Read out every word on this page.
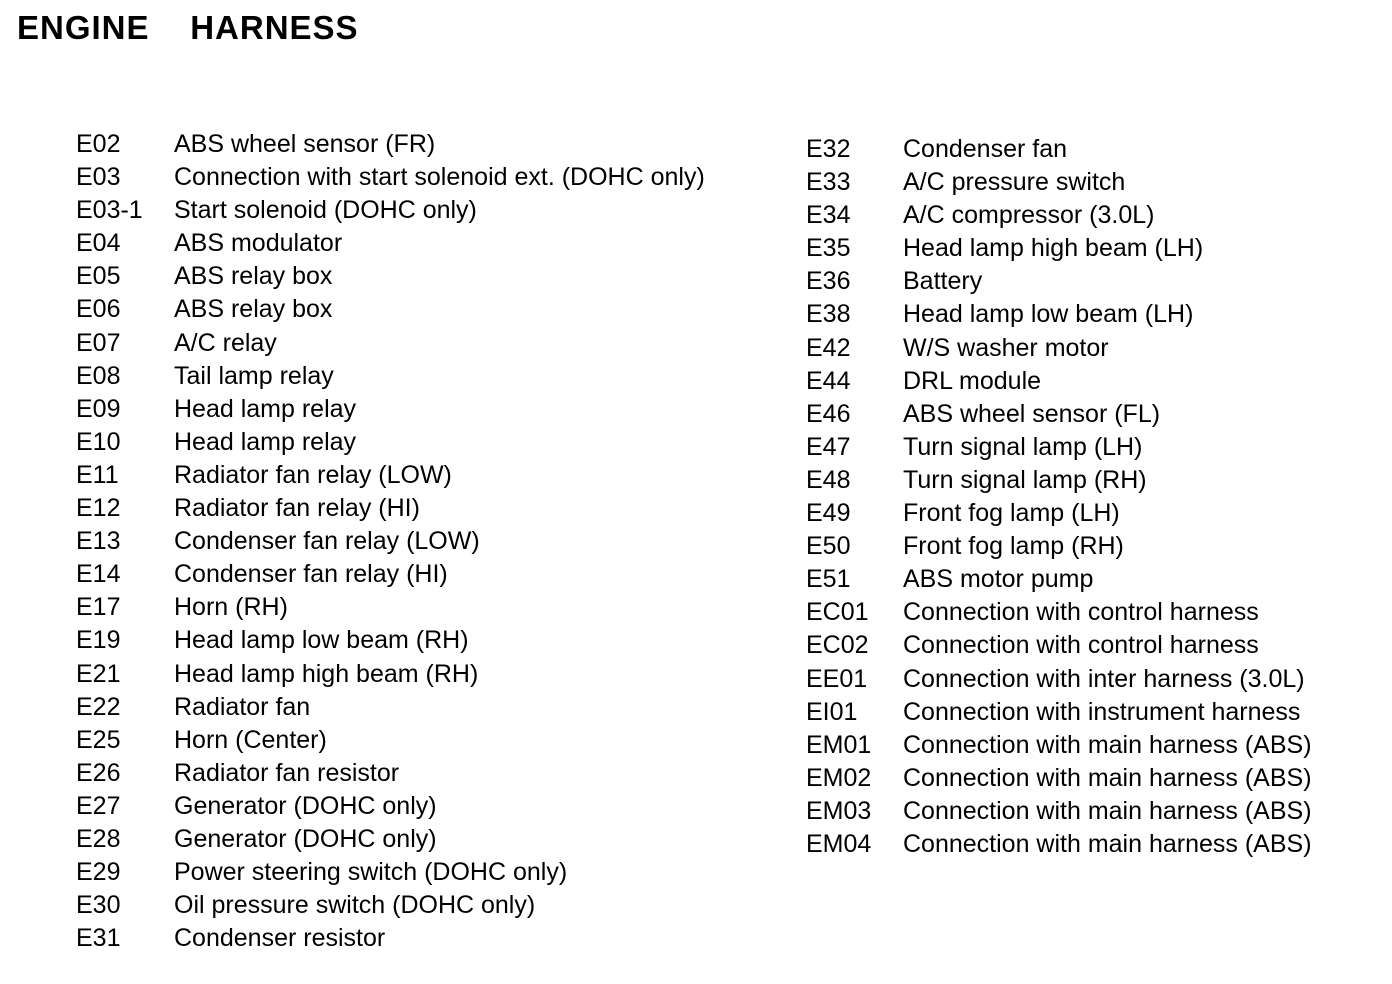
ENGINE    HARNESS
E02 ABS wheel sensor (FR)
E03 Connection with start solenoid ext. (DOHC only)
E03-1 Start solenoid (DOHC only)
E04 ABS modulator
E05 ABS relay box
E06 ABS relay box
E07 A/C relay
E08 Tail lamp relay
E09 Head lamp relay
E10 Head lamp relay
E11 Radiator fan relay (LOW)
E12 Radiator fan relay (HI)
E13 Condenser fan relay (LOW)
E14 Condenser fan relay (HI)
E17 Horn (RH)
E19 Head lamp low beam (RH)
E21 Head lamp high beam (RH)
E22 Radiator fan
E25 Horn (Center)
E26 Radiator fan resistor
E27 Generator (DOHC only)
E28 Generator (DOHC only)
E29 Power steering switch (DOHC only)
E30 Oil pressure switch (DOHC only)
E31 Condenser resistor
E32 Condenser fan
E33 A/C pressure switch
E34 A/C compressor (3.0L)
E35 Head lamp high beam (LH)
E36 Battery
E38 Head lamp low beam (LH)
E42 W/S washer motor
E44 DRL module
E46 ABS wheel sensor (FL)
E47 Turn signal lamp (LH)
E48 Turn signal lamp (RH)
E49 Front fog lamp (LH)
E50 Front fog lamp (RH)
E51 ABS motor pump
EC01 Connection with control harness
EC02 Connection with control harness
EE01 Connection with inter harness (3.0L)
EI01 Connection with instrument harness
EM01 Connection with main harness (ABS)
EM02 Connection with main harness (ABS)
EM03 Connection with main harness (ABS)
EM04 Connection with main harness (ABS)
